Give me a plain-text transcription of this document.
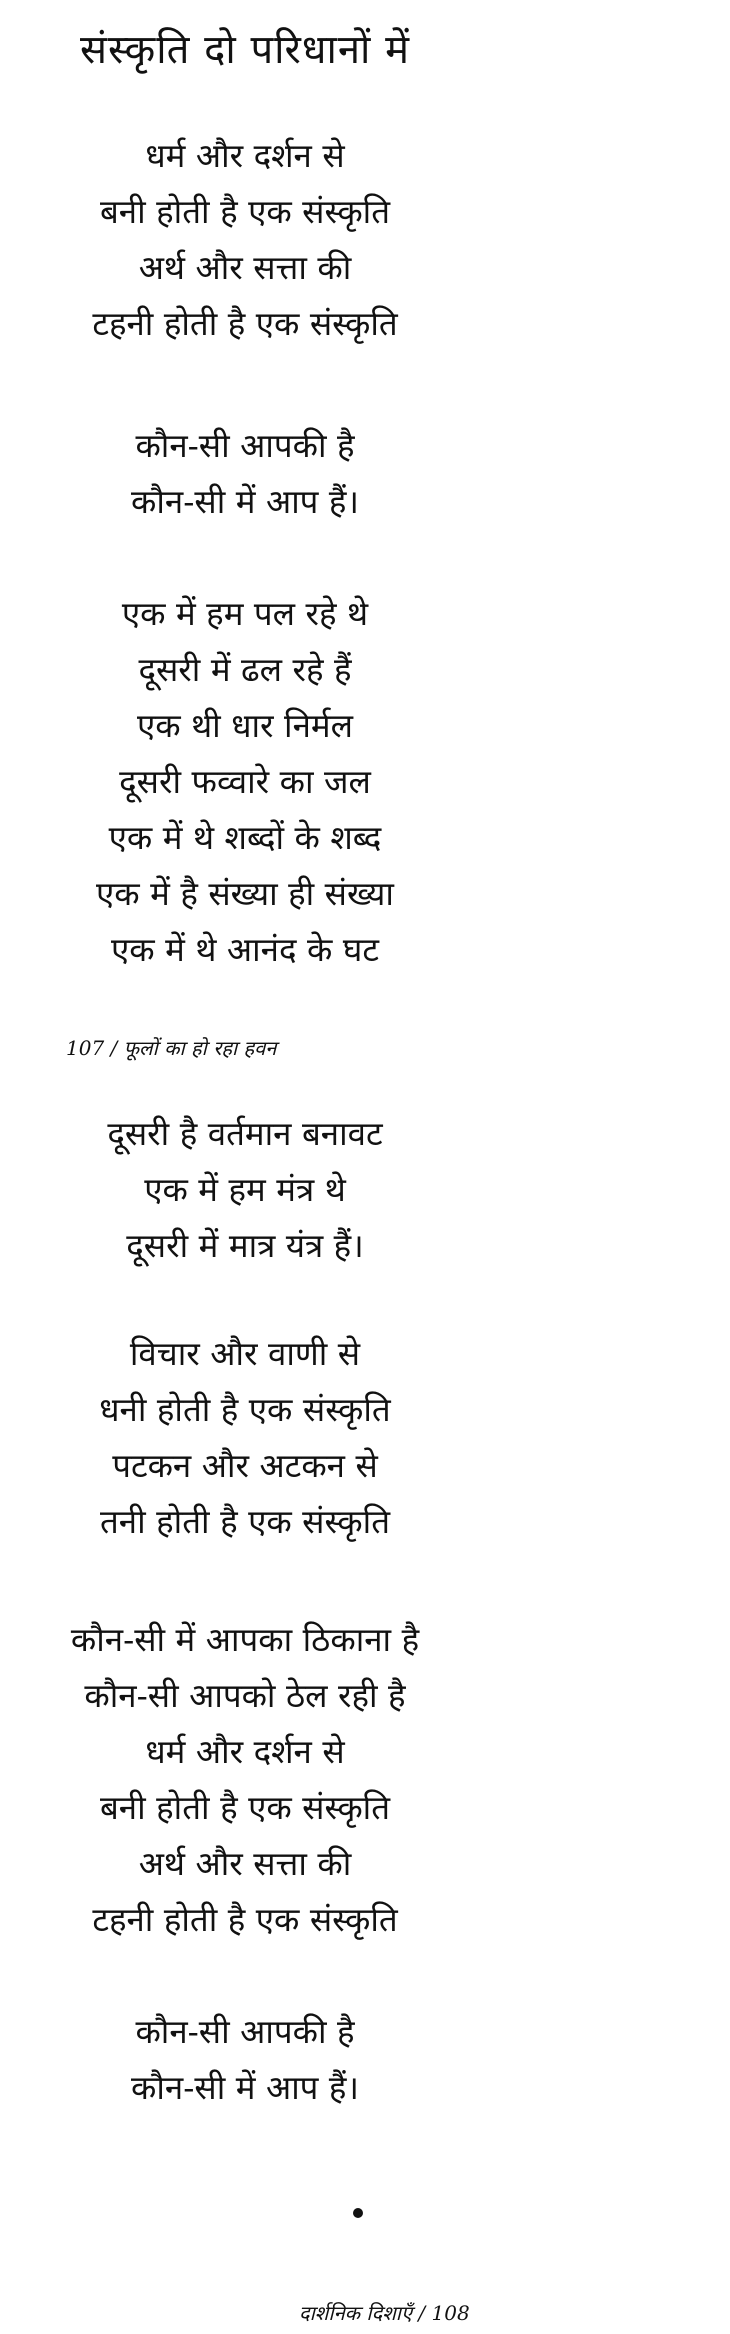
संस्कृति दो परिधानों में
धर्म और दर्शन से
बनी होती है एक संस्कृति
अर्थ और सत्ता की
टहनी होती है एक संस्कृति
कौन-सी आपकी है
कौन-सी में आप हैं।
एक में हम पल रहे थे
दूसरी में ढल रहे हैं
एक थी धार निर्मल
दूसरी फव्वारे का जल
एक में थे शब्दों के शब्द
एक में है संख्या ही संख्या
एक में थे आनंद के घट
107 / फूलों का हो रहा हवन
दूसरी है वर्तमान बनावट
एक में हम मंत्र थे
दूसरी में मात्र यंत्र हैं।
विचार और वाणी से
धनी होती है एक संस्कृति
पटकन और अटकन से
तनी होती है एक संस्कृति
कौन-सी में आपका ठिकाना है
कौन-सी आपको ठेल रही है
धर्म और दर्शन से
बनी होती है एक संस्कृति
अर्थ और सत्ता की
टहनी होती है एक संस्कृति
कौन-सी आपकी है
कौन-सी में आप हैं।
दार्शनिक दिशाएँ / 108
